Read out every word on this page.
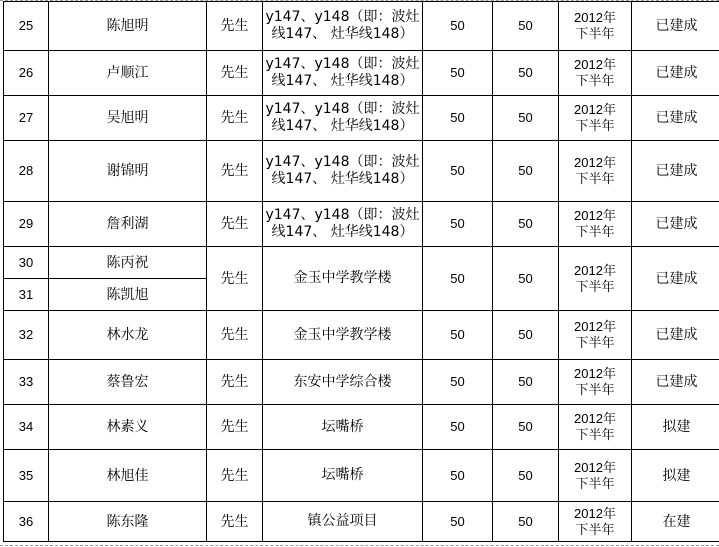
25	陈旭明	先生	y147、y148（即：波灶
线147、 灶华线148）	50	50	2012年
下半年	已建成
26	卢顺江	先生	y147、y148（即：波灶
线147、 灶华线148）	50	50	2012年
下半年	已建成
27	吴旭明	先生	y147、y148（即：波灶
线147、 灶华线148）	50	50	2012年
下半年	已建成
28	谢锦明	先生	y147、y148（即：波灶
线147、 灶华线148）	50	50	2012年
下半年	已建成
29	詹利湖	先生	y147、y148（即：波灶
线147、 灶华线148）	50	50	2012年
下半年	已建成
30	陈丙祝	先生	金玉中学教学楼	50	50	2012年
下半年	已建成
31	陈凯旭						
32	林水龙	先生	金玉中学教学楼	50	50	2012年
下半年	已建成
33	蔡鲁宏	先生	东安中学综合楼	50	50	2012年
下半年	已建成
34	林素义	先生	坛嘴桥	50	50	2012年
下半年	拟建
35	林旭佳	先生	坛嘴桥	50	50	2012年
下半年	拟建
36	陈东隆	先生	镇公益项目	50	50	2012年
下半年	在建
